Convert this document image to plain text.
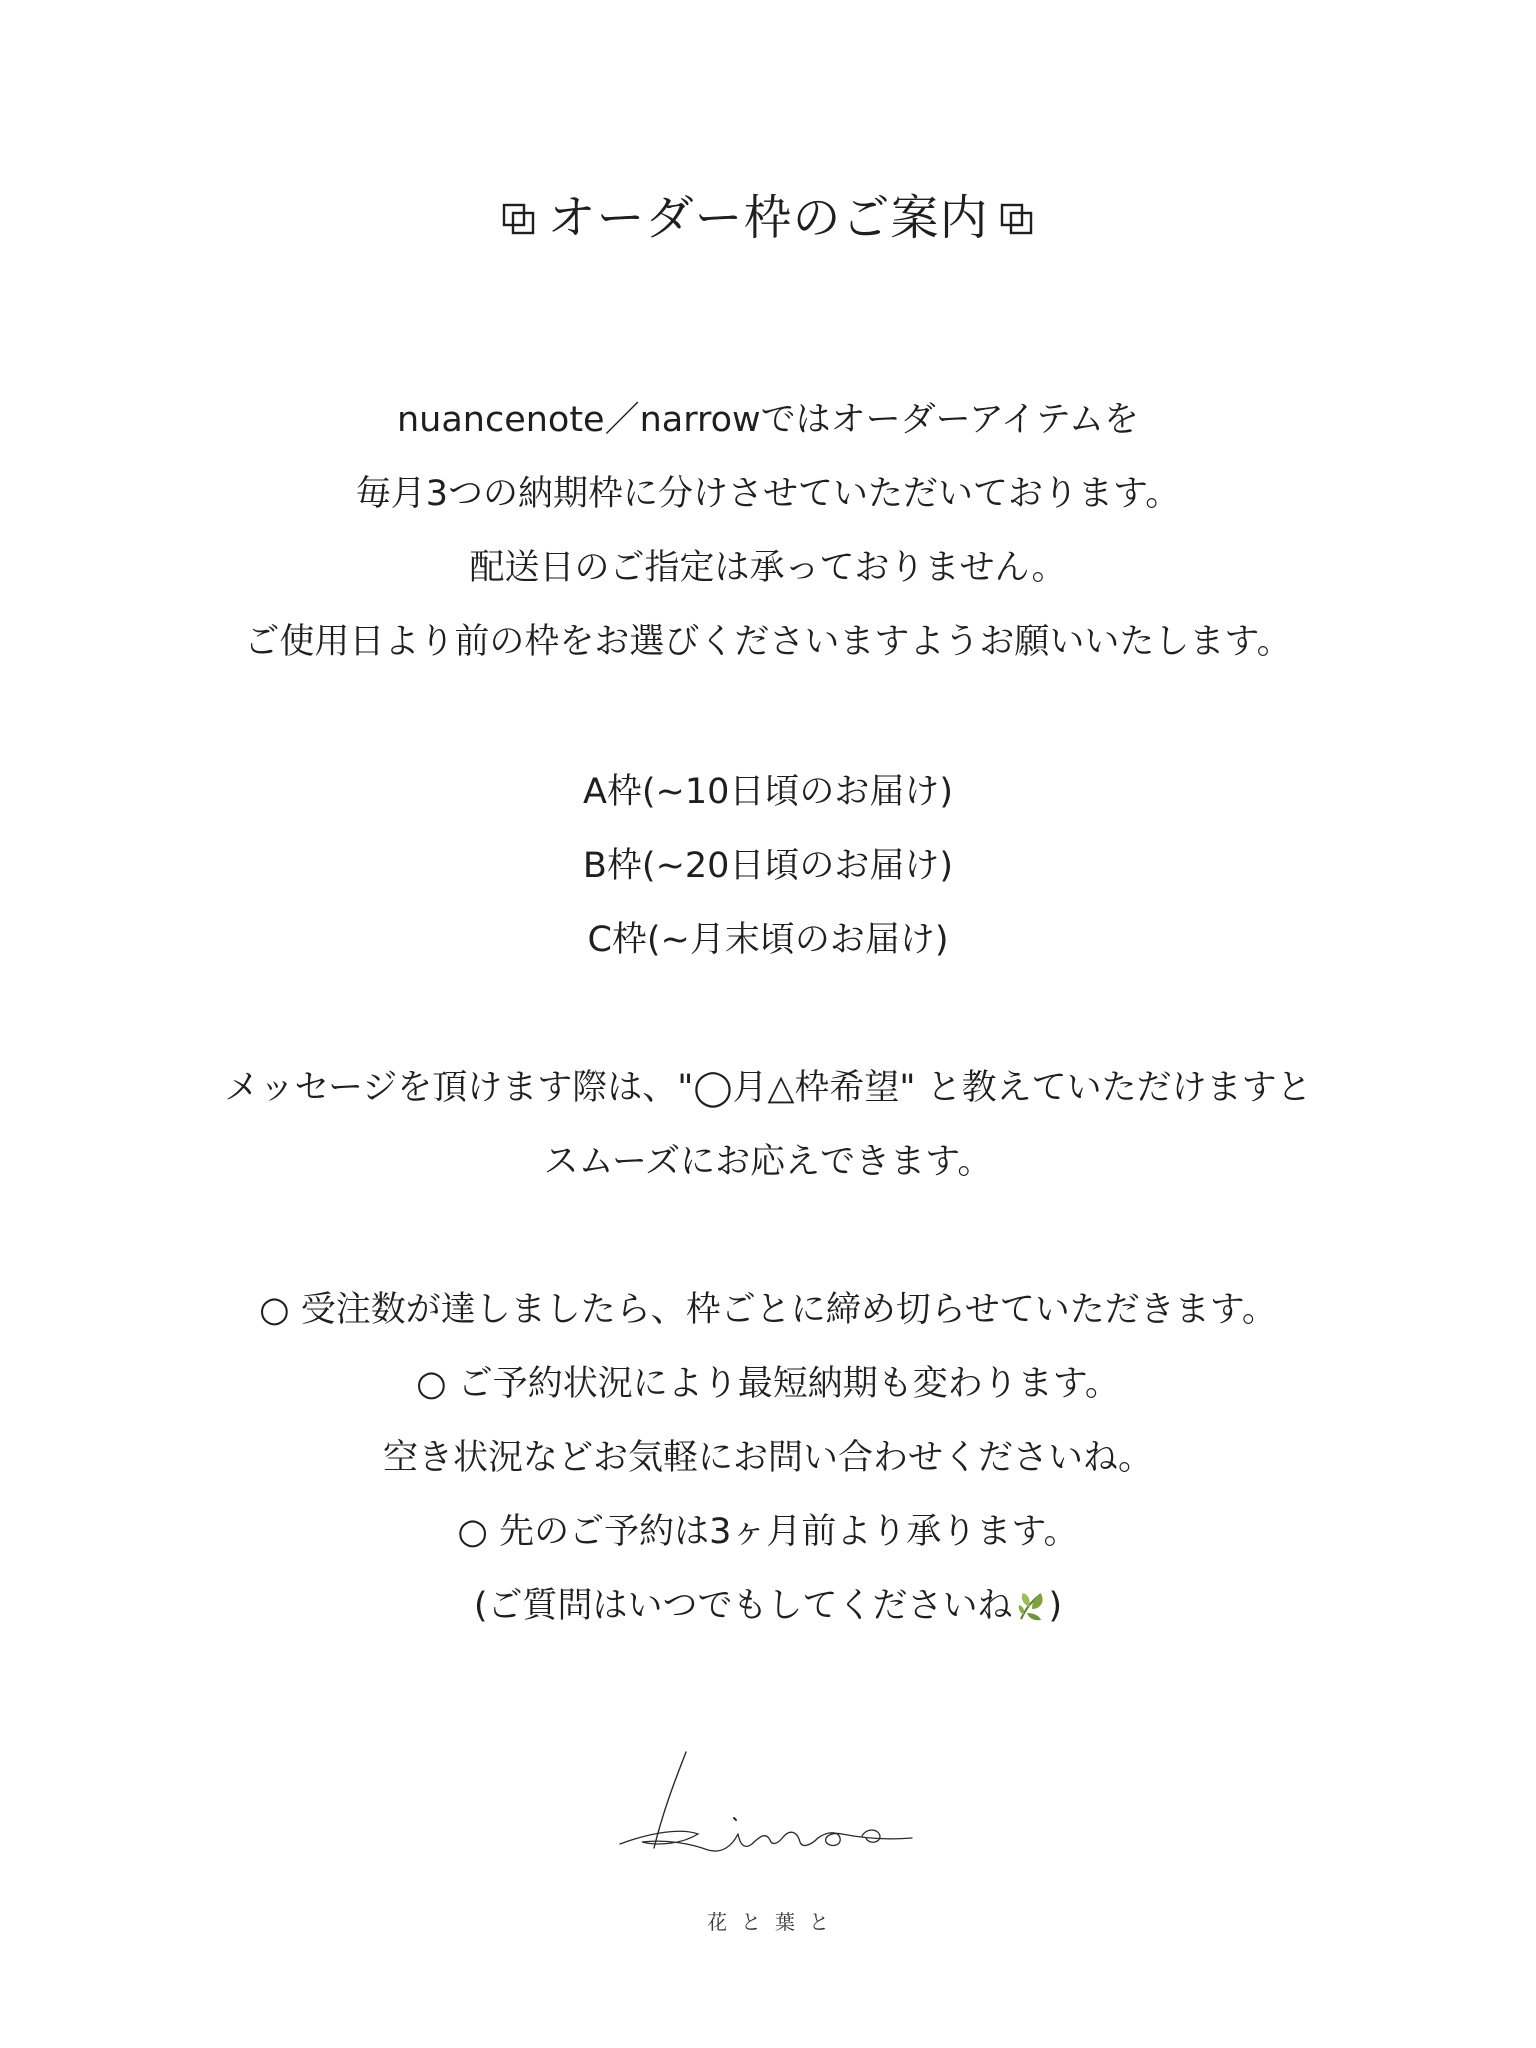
オーダー枠のご案内
nuancenote／narrowではオーダーアイテムを
毎月3つの納期枠に分けさせていただいております。
配送日のご指定は承っておりません。
ご使用日より前の枠をお選びくださいますようお願いいたします。
A枠(~10日頃のお届け)
B枠(~20日頃のお届け)
C枠(~月末頃のお届け)
メッセージを頂けます際は、"◯月△枠希望" と教えていただけますと
スムーズにお応えできます。
○ 受注数が達しましたら、枠ごとに締め切らせていただきます。
○ ご予約状況により最短納期も変わります。
空き状況などお気軽にお問い合わせくださいね。
○ 先のご予約は3ヶ月前より承ります。
(ご質問はいつでもしてくださいね )
花と葉と
